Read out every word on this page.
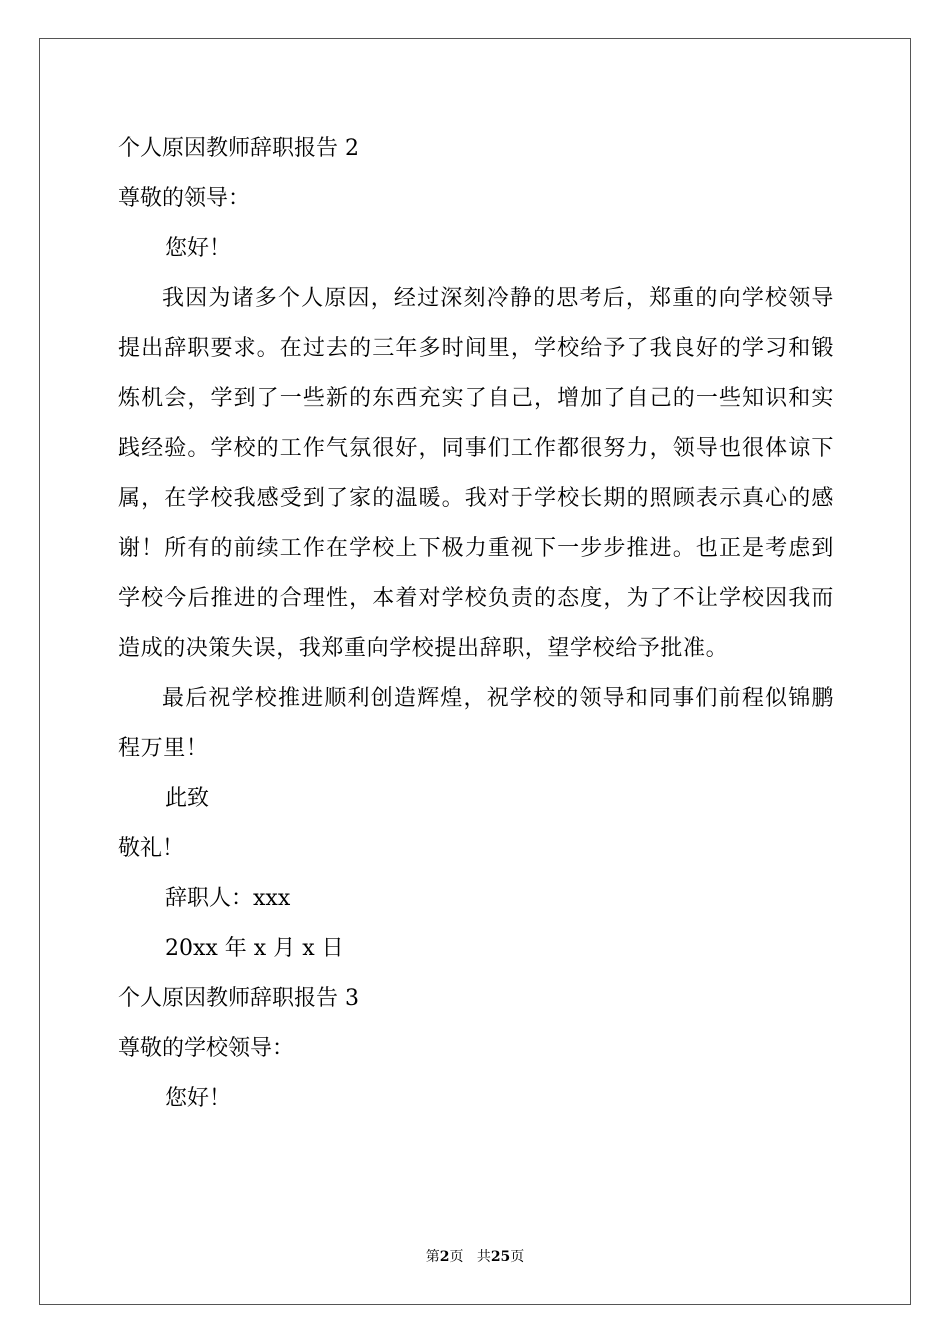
个人原因教师辞职报告 2

尊敬的领导：

您好！

我因为诸多个人原因，经过深刻冷静的思考后，郑重的向学校领导提出辞职要求。在过去的三年多时间里，学校给予了我良好的学习和锻炼机会，学到了一些新的东西充实了自己，增加了自己的一些知识和实践经验。学校的工作气氛很好，同事们工作都很努力，领导也很体谅下属，在学校我感受到了家的温暖。我对于学校长期的照顾表示真心的感谢！所有的前续工作在学校上下极力重视下一步步推进。也正是考虑到学校今后推进的合理性，本着对学校负责的态度，为了不让学校因我而造成的决策失误，我郑重向学校提出辞职，望学校给予批准。

最后祝学校推进顺利创造辉煌，祝学校的领导和同事们前程似锦鹏程万里！

此致

敬礼！

辞职人：xxx

20xx 年 x 月 x 日

个人原因教师辞职报告 3

尊敬的学校领导：

您好！

第2页 共25页
